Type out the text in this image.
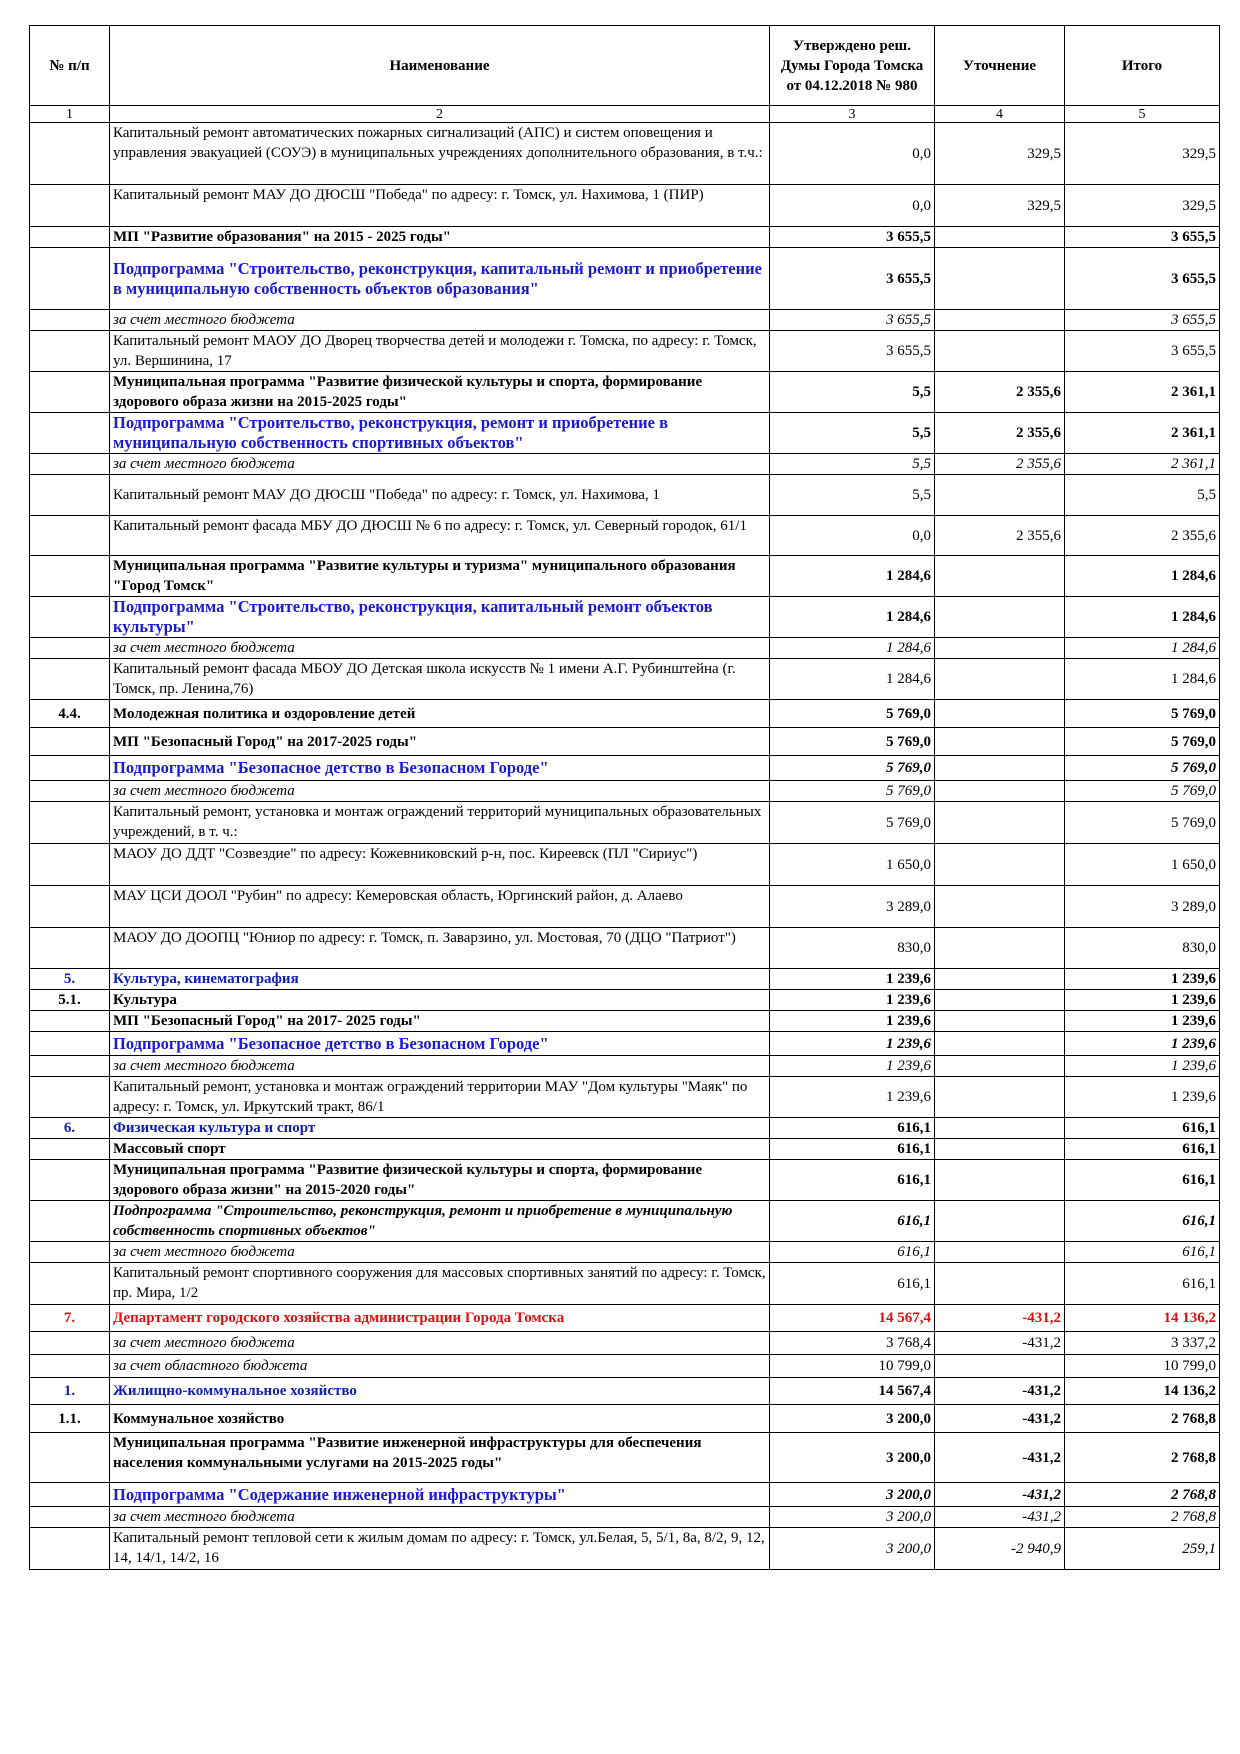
№ п/п	Наименование	Утверждено реш.
Думы Города Томска
от 04.12.2018 № 980	Уточнение	Итого
1	2	3	4	5
	Капитальный ремонт автоматических пожарных сигнализаций (АПС) и систем оповещения и управления эвакуацией (СОУЭ) в муниципальных учреждениях дополнительного образования, в т.ч.:	0,0	329,5	329,5
	Капитальный ремонт МАУ ДО ДЮСШ "Победа" по адресу: г. Томск, ул. Нахимова, 1 (ПИР)	0,0	329,5	329,5
	МП "Развитие образования" на 2015 - 2025 годы"	3 655,5		3 655,5
	Подпрограмма "Строительство, реконструкция, капитальный ремонт и приобретение в муниципальную собственность объектов образования"	3 655,5		3 655,5
	за счет местного бюджета	3 655,5		3 655,5
	Капитальный ремонт МАОУ ДО Дворец творчества детей и молодежи г. Томска, по адресу: г. Томск, ул. Вершинина, 17	3 655,5		3 655,5
	Муниципальная программа "Развитие физической культуры и спорта, формирование здорового образа жизни на 2015-2025 годы"	5,5	2 355,6	2 361,1
	Подпрограмма "Строительство, реконструкция, ремонт и приобретение в муниципальную собственность спортивных объектов"	5,5	2 355,6	2 361,1
	за счет местного бюджета	5,5	2 355,6	2 361,1
	Капитальный ремонт МАУ ДО ДЮСШ "Победа" по адресу: г. Томск, ул. Нахимова, 1	5,5		5,5
	Капитальный ремонт фасада МБУ ДО ДЮСШ № 6 по адресу: г. Томск, ул. Северный городок, 61/1	0,0	2 355,6	2 355,6
	Муниципальная программа "Развитие культуры и туризма" муниципального образования "Город Томск"	1 284,6		1 284,6
	Подпрограмма "Строительство, реконструкция, капитальный ремонт объектов культуры"	1 284,6		1 284,6
	за счет местного бюджета	1 284,6		1 284,6
	Капитальный ремонт фасада МБОУ ДО Детская школа искусств № 1 имени А.Г. Рубинштейна (г. Томск, пр. Ленина,76)	1 284,6		1 284,6
4.4.	Молодежная политика и оздоровление детей	5 769,0		5 769,0
	МП "Безопасный Город" на 2017-2025 годы"	5 769,0		5 769,0
	Подпрограмма "Безопасное детство в Безопасном Городе"	5 769,0		5 769,0
	за счет местного бюджета	5 769,0		5 769,0
	Капитальный ремонт, установка и монтаж ограждений территорий муниципальных образовательных учреждений, в т. ч.:	5 769,0		5 769,0
	МАОУ ДО ДДТ "Созвездие" по адресу: Кожевниковский р-н, пос. Киреевск (ПЛ "Сириус")	1 650,0		1 650,0
	МАУ ЦСИ ДООЛ "Рубин" по адресу: Кемеровская область, Юргинский район, д. Алаево	3 289,0		3 289,0
	МАОУ ДО ДООПЦ "Юниор по адресу: г. Томск, п. Заварзино, ул. Мостовая, 70 (ДЦО "Патриот")	830,0		830,0
5.	Культура, кинематография	1 239,6		1 239,6
5.1.	Культура	1 239,6		1 239,6
	МП "Безопасный Город" на 2017- 2025 годы"	1 239,6		1 239,6
	Подпрограмма "Безопасное детство в Безопасном Городе"	1 239,6		1 239,6
	за счет местного бюджета	1 239,6		1 239,6
	Капитальный ремонт, установка и монтаж ограждений территории МАУ "Дом культуры "Маяк" по адресу: г. Томск, ул. Иркутский тракт, 86/1	1 239,6		1 239,6
6.	Физическая культура и спорт	616,1		616,1
	Массовый спорт	616,1		616,1
	Муниципальная программа "Развитие физической культуры и спорта, формирование здорового образа жизни" на 2015-2020 годы"	616,1		616,1
	Подпрограмма "Строительство, реконструкция, ремонт и приобретение в муниципальную собственность спортивных объектов"	616,1		616,1
	за счет местного бюджета	616,1		616,1
	Капитальный ремонт спортивного сооружения для массовых спортивных занятий по адресу: г. Томск, пр. Мира, 1/2	616,1		616,1
7.	Департамент городского хозяйства администрации Города Томска	14 567,4	-431,2	14 136,2
	за счет местного бюджета	3 768,4	-431,2	3 337,2
	за счет областного бюджета	10 799,0		10 799,0
1.	Жилищно-коммунальное хозяйство	14 567,4	-431,2	14 136,2
1.1.	Коммунальное хозяйство	3 200,0	-431,2	2 768,8
	Муниципальная программа "Развитие инженерной инфраструктуры для обеспечения населения коммунальными услугами на 2015-2025 годы"	3 200,0	-431,2	2 768,8
	Подпрограмма "Содержание инженерной инфраструктуры"	3 200,0	-431,2	2 768,8
	за счет местного бюджета	3 200,0	-431,2	2 768,8
	Капитальный ремонт тепловой сети к жилым домам по адресу: г. Томск, ул.Белая, 5, 5/1, 8а, 8/2, 9, 12, 14, 14/1, 14/2, 16	3 200,0	-2 940,9	259,1
